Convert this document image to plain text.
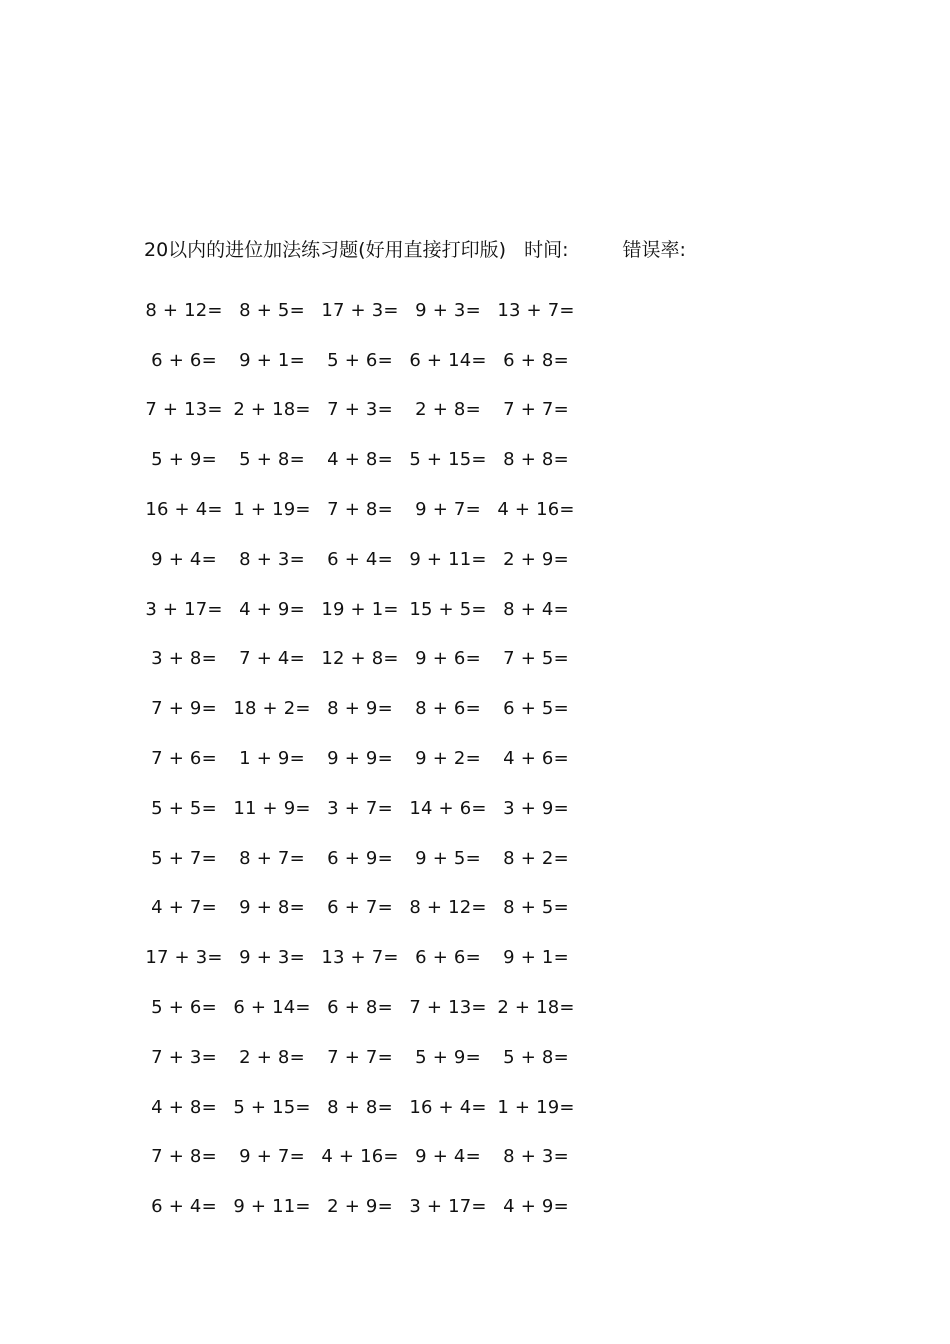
20以内的进位加法练习题(好用直接打印版) 时间:	错误率:
8 + 12= 8 + 5= 17 + 3= 9 + 3= 13 + 7=
6 + 6=	9 + 1=	5 + 6= 6 + 14= 6 + 8=
7 + 13= 2 + 18= 7 + 3=	2 + 8=	7 + 7=
5 + 9=	5 + 8=	4 + 8= 5 + 15= 8 + 8=
16 + 4= 1 + 19= 7 + 8=	9 + 7= 4 + 16=
9 + 4=	8 + 3=	6 + 4= 9 + 11= 2 + 9=
3 + 17= 4 + 9= 19 + 1= 15 + 5= 8 + 4=
3 + 8=	7 + 4= 12 + 8= 9 + 6=	7 + 5=
7 + 9= 18 + 2= 8 + 9=	8 + 6=	6 + 5=
7 + 6=	1 + 9=	9 + 9=	9 + 2=	4 + 6=
5 + 5= 11 + 9= 3 + 7= 14 + 6= 3 + 9=
5 + 7=	8 + 7=	6 + 9=	9 + 5=	8 + 2=
4 + 7=	9 + 8=	6 + 7= 8 + 12= 8 + 5=
17 + 3= 9 + 3= 13 + 7= 6 + 6=	9 + 1=
5 + 6= 6 + 14= 6 + 8= 7 + 13= 2 + 18=
7 + 3=	2 + 8=	7 + 7=	5 + 9=	5 + 8=
4 + 8= 5 + 15= 8 + 8= 16 + 4= 1 + 19=
7 + 8=	9 + 7= 4 + 16= 9 + 4=	8 + 3=
6 + 4= 9 + 11= 2 + 9= 3 + 17= 4 + 9=
